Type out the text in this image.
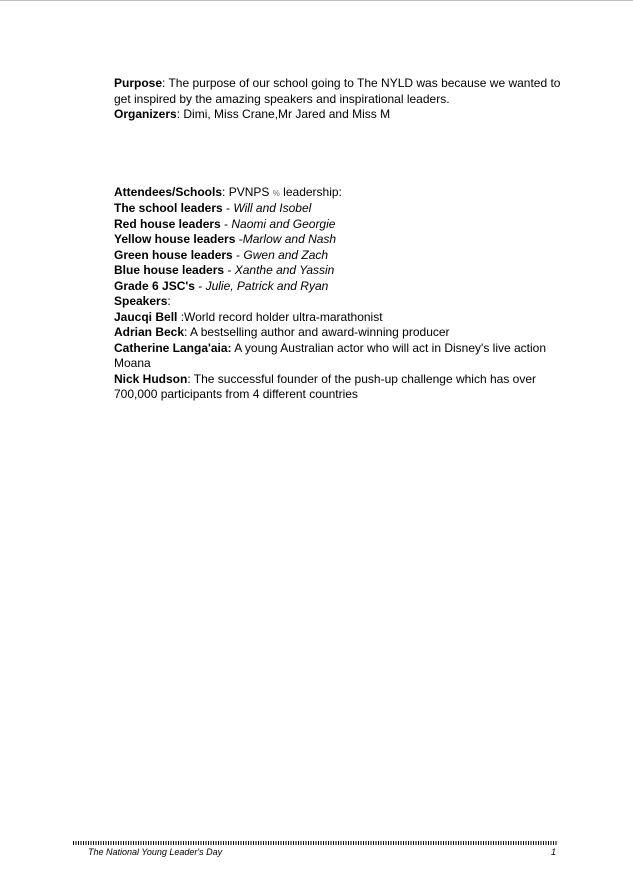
Purpose: The purpose of our school going to The NYLD was because we wanted to get inspired by the amazing speakers and inspirational leaders.

Organizers: Dimi, Miss Crane,Mr Jared and Miss M

Attendees/Schools: PVNPS % leadership:

The school leaders - Will and Isobel

Red house leaders - Naomi and Georgie

Yellow house leaders -Marlow and Nash

Green house leaders - Gwen and Zach

Blue house leaders - Xanthe and Yassin

Grade 6 JSC's - Julie, Patrick and Ryan

Speakers:

Jaucqi Bell :World record holder ultra-marathonist

Adrian Beck: A bestselling author and award-winning producer

Catherine Langa'aia: A young Australian actor who will act in Disney's live action Moana

Nick Hudson: The successful founder of the push-up challenge which has over 700,000 participants from 4 different countries

The National Young Leader's Day	1
